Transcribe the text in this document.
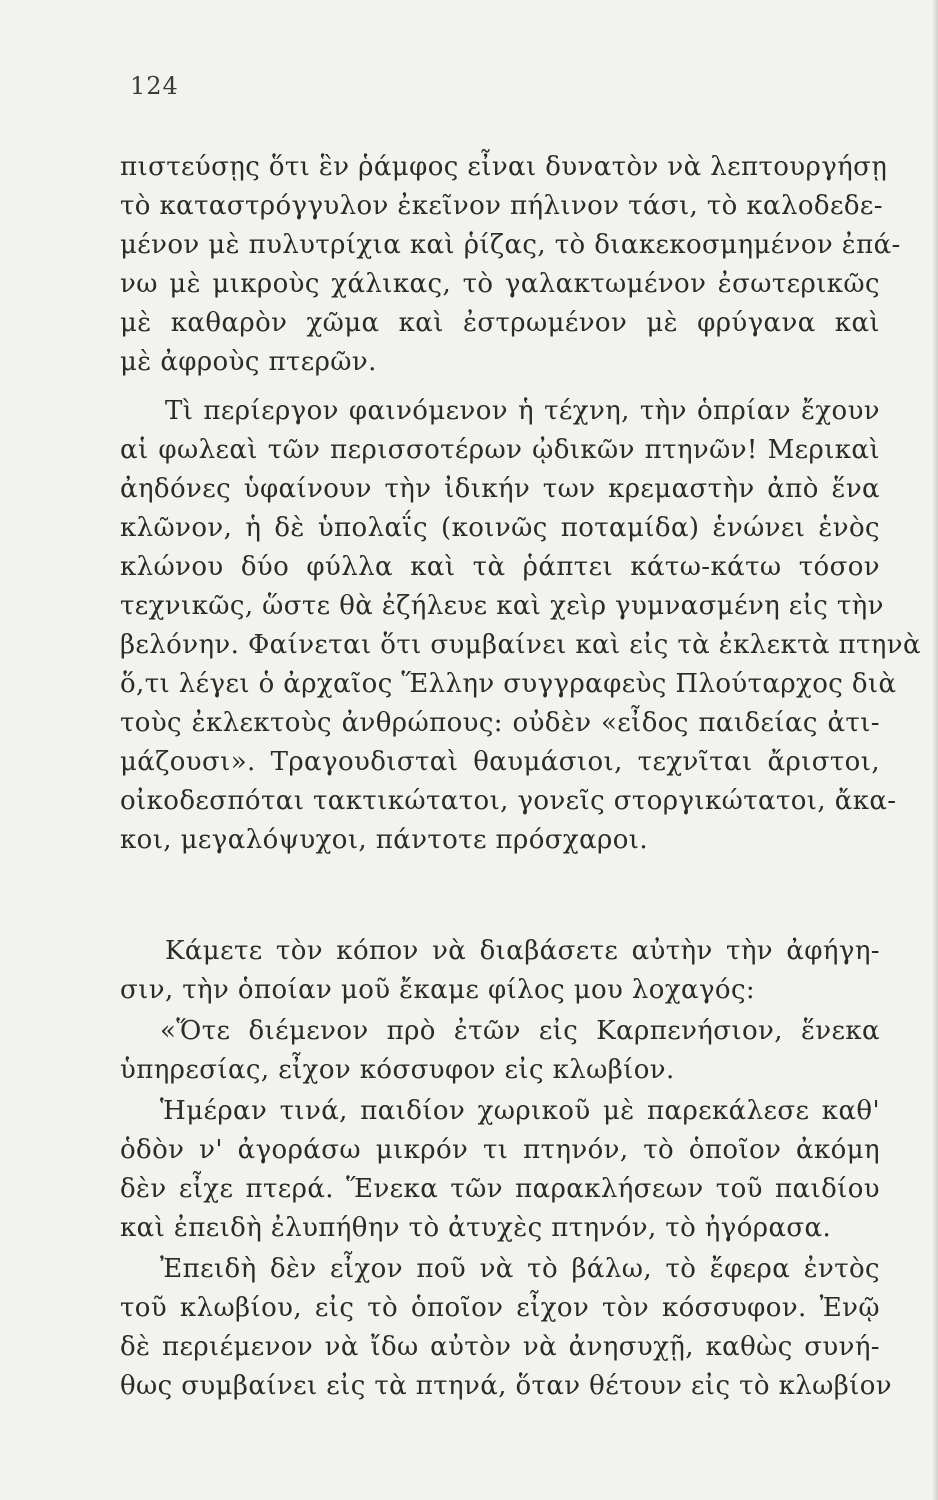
124
πιστεύσῃς ὅτι ἓν ῥάμφος εἶναι δυνατὸν νὰ λεπτουργήσῃ
τὸ καταστρόγγυλον ἐκεῖνον πήλινον τάσι, τὸ καλοδεδε-
μένον μὲ πυλυτρίχια καὶ ῥίζας, τὸ διακεκοσμημένον ἐπά-
νω μὲ μικροὺς χάλικας, τὸ γαλακτωμένον ἐσωτερικῶς
μὲ καθαρὸν χῶμα καὶ ἐστρωμένον μὲ φρύγανα καὶ
μὲ ἀφροὺς πτερῶν.
Τὶ περίεργον φαινόμενον ἡ τέχνη, τὴν ὁπρίαν ἔχουν
αἱ φωλεαὶ τῶν περισσοτέρων ᾠδικῶν πτηνῶν! Μερικαὶ
ἀηδόνες ὑφαίνουν τὴν ἰδικήν των κρεμαστὴν ἀπὸ ἕνα
κλῶνον, ἡ δὲ ὑπολαΐς (κοινῶς ποταμίδα) ἑνώνει ἑνὸς
κλώνου δύο φύλλα καὶ τὰ ῥάπτει κάτω-κάτω τόσον
τεχνικῶς, ὥστε θὰ ἐζήλευε καὶ χεὶρ γυμνασμένη εἰς τὴν
βελόνην. Φαίνεται ὅτι συμβαίνει καὶ εἰς τὰ ἐκλεκτὰ πτηνὰ
ὅ,τι λέγει ὁ ἀρχαῖος Ἕλλην συγγραφεὺς Πλούταρχος διὰ
τοὺς ἐκλεκτοὺς ἀνθρώπους: οὐδὲν «εἶδος παιδείας ἀτι-
μάζουσι». Τραγουδισταὶ θαυμάσιοι, τεχνῖται ἄριστοι,
οἰκοδεσπόται τακτικώτατοι, γονεῖς στοργικώτατοι, ἄκα-
κοι, μεγαλόψυχοι, πάντοτε πρόσχαροι.
Κάμετε τὸν κόπον νὰ διαβάσετε αὐτὴν τὴν ἀφήγη-
σιν, τὴν ὁποίαν μοῦ ἔκαμε φίλος μου λοχαγός:
«Ὅτε διέμενον πρὸ ἐτῶν εἰς Καρπενήσιον, ἕνεκα
ὑπηρεσίας, εἶχον κόσσυφον εἰς κλωβίον.
Ἡμέραν τινά, παιδίον χωρικοῦ μὲ παρεκάλεσε καθ'
ὁδὸν ν' ἀγοράσω μικρόν τι πτηνόν, τὸ ὁποῖον ἀκόμη
δὲν εἶχε πτερά. Ἕνεκα τῶν παρακλήσεων τοῦ παιδίου
καὶ ἐπειδὴ ἐλυπήθην τὸ ἀτυχὲς πτηνόν, τὸ ἠγόρασα.
Ἐπειδὴ δὲν εἶχον ποῦ νὰ τὸ βάλω, τὸ ἔφερα ἐντὸς
τοῦ κλωβίου, εἰς τὸ ὁποῖον εἶχον τὸν κόσσυφον. Ἐνῷ
δὲ περιέμενον νὰ ἴδω αὐτὸν νὰ ἀνησυχῇ, καθὼς συνή-
θως συμβαίνει εἰς τὰ πτηνά, ὅταν θέτουν εἰς τὸ κλωβίον
